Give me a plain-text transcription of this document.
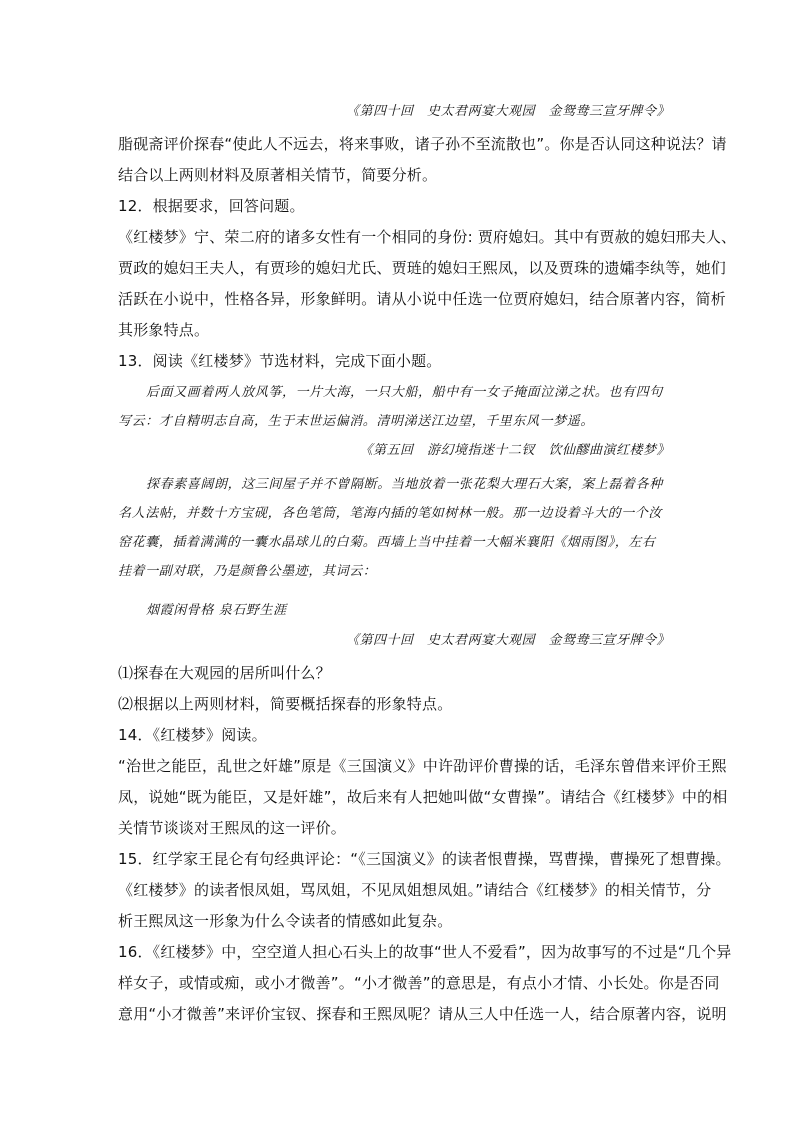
《第四十回　史太君两宴大观园　金鸳鸯三宣牙牌令》
脂砚斋评价探春“使此人不远去，将来事败，诸子孙不至流散也”。你是否认同这种说法？请
结合以上两则材料及原著相关情节，简要分析。
12．根据要求，回答问题。
《红楼梦》宁、荣二府的诸多女性有一个相同的身份: 贾府媳妇。其中有贾赦的媳妇邢夫人、
贾政的媳妇王夫人，有贾珍的媳妇尤氏、贾琏的媳妇王熙凤，以及贾珠的遗孀李纨等，她们
活跃在小说中，性格各异，形象鲜明。请从小说中任选一位贾府媳妇，结合原著内容，简析
其形象特点。
13．阅读《红楼梦》节选材料，完成下面小题。
后面又画着两人放风筝，一片大海，一只大船，船中有一女子掩面泣涕之状。也有四句
写云：才自精明志自高，生于末世运偏消。清明涕送江边望，千里东风一梦遥。
《第五回　游幻境指迷十二钗　饮仙醪曲演红楼梦》
探春素喜阔朗，这三间屋子并不曾隔断。当地放着一张花梨大理石大案，案上磊着各种
名人法帖，并数十方宝砚，各色笔筒，笔海内插的笔如树林一般。那一边设着斗大的一个汝
窑花囊，插着满满的一囊水晶球儿的白菊。西墙上当中挂着一大幅米襄阳《烟雨图》，左右
挂着一副对联，乃是颜鲁公墨迹，其词云：
烟霞闲骨格 泉石野生涯
《第四十回　史太君两宴大观园　金鸳鸯三宣牙牌令》
⑴探春在大观园的居所叫什么？
⑵根据以上两则材料，简要概括探春的形象特点。
14．《红楼梦》阅读。
“治世之能臣，乱世之奸雄”原是《三国演义》中许劭评价曹操的话，毛泽东曾借来评价王熙
凤，说她“既为能臣，又是奸雄”，故后来有人把她叫做“女曹操”。请结合《红楼梦》中的相
关情节谈谈对王熙凤的这一评价。
15．红学家王昆仑有句经典评论：“《三国演义》的读者恨曹操，骂曹操，曹操死了想曹操。
《红楼梦》的读者恨凤姐，骂凤姐，不见凤姐想凤姐。”请结合《红楼梦》的相关情节，分
析王熙凤这一形象为什么令读者的情感如此复杂。
16．《红楼梦》中，空空道人担心石头上的故事“世人不爱看”，因为故事写的不过是“几个异
样女子，或情或痴，或小才微善”。“小才微善”的意思是，有点小才情、小长处。你是否同
意用“小才微善”来评价宝钗、探春和王熙凤呢？请从三人中任选一人，结合原著内容，说明
